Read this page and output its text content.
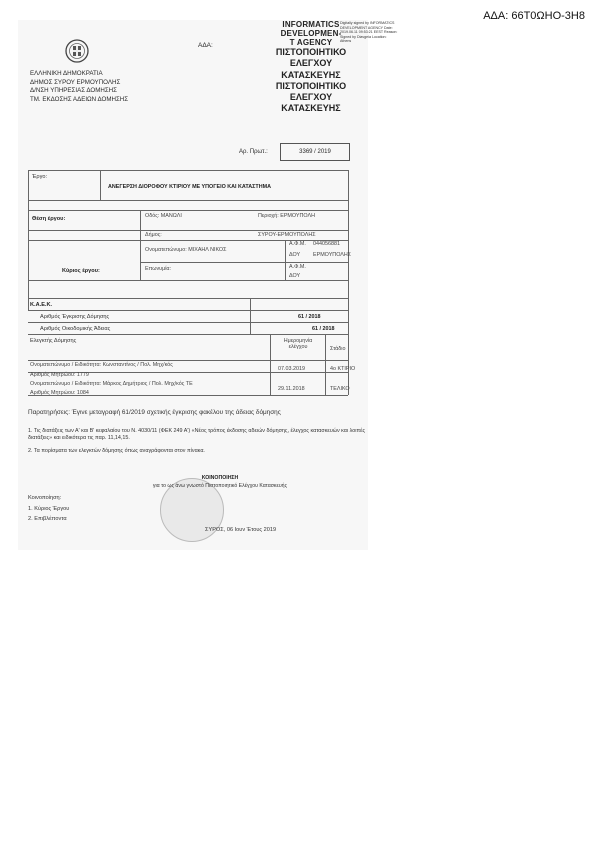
ΑΔΑ: 66Τ0ΩΗΟ-3Η8
ΕΛΛΗΝΙΚΗ ΔΗΜΟΚΡΑΤΙΑ
ΔΗΜΟΣ ΣΥΡΟΥ ΕΡΜΟΥΠΟΛΗΣ
Δ/ΝΣΗ ΥΠΗΡΕΣΙΑΣ ΔΟΜΗΣΗΣ
ΤΜ. ΕΚΔΟΣΗΣ ΑΔΕΙΩΝ ΔΟΜΗΣΗΣ
ΑΔΑ:
INFORMATICS
DEVELOPMEN-
T AGENCY
ΠΙΣΤΟΠΟΙΗΤΙΚΟ
ΕΛΕΓΧΟΥ
ΚΑΤΑΣΚΕΥΗΣ
ΠΙΣΤΟΠΟΙΗΤΙΚΟ
ΕΛΕΓΧΟΥ
ΚΑΤΑΣΚΕΥΗΣ
Digitally signed by INFORMATICS DEVELOPMENT AGENCY Date: 2019.06.11 09:53:21 EEST Reason: Signed by Diavgeia Location: Athens
Αρ. Πρωτ.:	3369 / 2019
Έργο:
ΑΝΕΓΕΡΣΗ ΔΙΟΡΟΦΟΥ ΚΤΙΡΙΟΥ ΜΕ ΥΠΟΓΕΙΟ ΚΑΙ ΚΑΤΑΣΤΗΜΑ
Θέση έργου:	Οδός: ΜΑΝΩΛΙ	Περιοχή: ΕΡΜΟΥΠΟΛΗ
Δήμος:	ΣΥΡΟΥ-ΕΡΜΟΥΠΟΛΗΣ
Κύριος έργου:
Ονοματεπώνυμο: ΜΙΧΑΗΛ ΝΙΚΟΣ
Α.Φ.Μ. 044056881
ΔΟΥ ΕΡΜΟΥΠΟΛΗΣ
Επωνυμία:	Α.Φ.Μ.
ΔΟΥ
Κ.Α.Ε.Κ.
Αριθμός Έγκρισης Δόμησης	61 / 2018
Αριθμός Οικοδομικής Άδειας	61 / 2018
Ελεγκτής Δόμησης	Ημερομηνία ελέγχου	Στάδιο
Ονοματεπώνυμο / Ειδικότητα: Κωνσταντίνος / Πολ. Μηχ/κός
Αριθμός Μητρώου: 1779
07.03.2019	4ο ΚΤΙΡΙΟ
Ονοματεπώνυμο / Ειδικότητα: Μάρκος Δημήτριος / Πολ. Μηχ/κός ΤΕ
Αριθμός Μητρώου: 1084
29.11.2018	ΤΕΛΙΚΟ
Παρατηρήσεις: Έγινε μεταγραφή 61/2019 σχετικής έγκρισης φακέλου της άδειας δόμησης
1. Τις διατάξεις των Α' και Β' κεφαλαίου του Ν. 4030/11 (ΦΕΚ 249 Α') «Νέος τρόπος έκδοσης αδειών δόμησης, έλεγχος κατασκευών και λοιπές διατάξεις» και ειδικότερα τις παρ. 11,14,15.
2. Τα πορίσματα των ελεγκτών δόμησης όπως αναγράφονται στον πίνακα.
ΚΟΙΝΟΠΟΙΗΣΗ
για το ως άνω γνωστό Πιστοποιητικό Ελέγχου Κατασκευής
Κοινοποίηση:
1. Κύριος Έργου
2. Επιβλέποντα
ΣΥΡΟΣ, 06 Ιουν Έτους 2019
